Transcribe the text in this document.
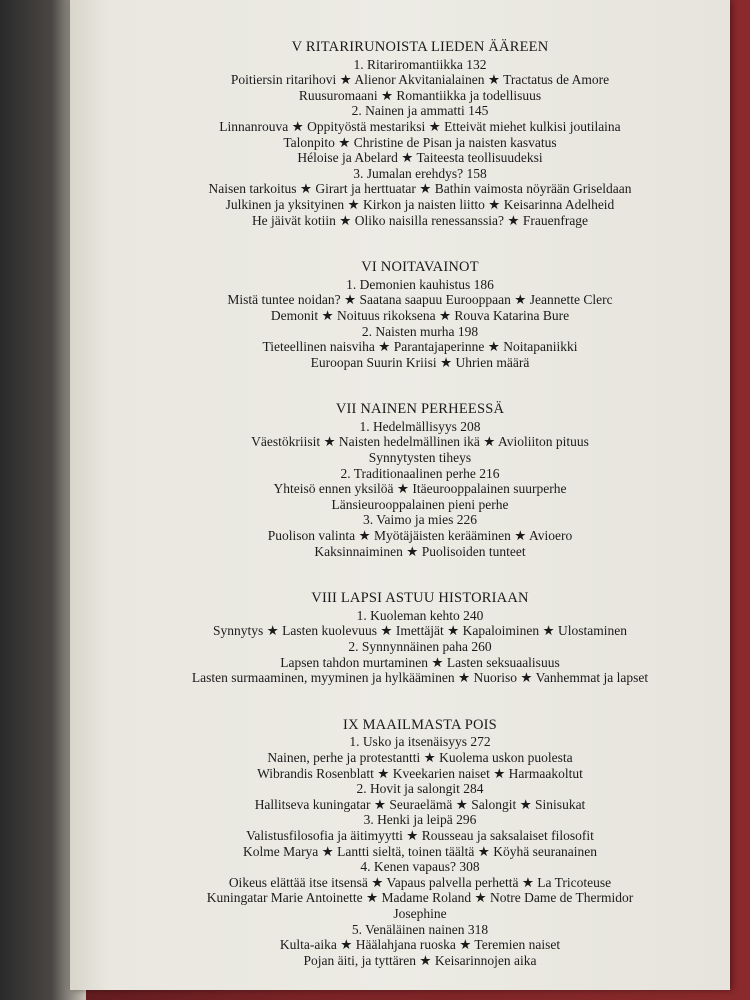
V RITARIRUNOISTA LIEDEN ÄÄREEN
1. Ritariromantiikka 132
Poitiersin ritarihovi ★ Alienor Akvitanialainen ★ Tractatus de Amore
Ruusuromaani ★ Romantiikka ja todellisuus
2. Nainen ja ammatti 145
Linnanrouva ★ Oppityöstä mestariksi ★ Etteivät miehet kulkisi joutilaina
Talonpito ★ Christine de Pisan ja naisten kasvatus
Héloise ja Abelard ★ Taiteesta teollisuudeksi
3. Jumalan erehdys? 158
Naisen tarkoitus ★ Girart ja herttuatar ★ Bathin vaimosta nöyrään Griseldaan
Julkinen ja yksityinen ★ Kirkon ja naisten liitto ★ Keisarinna Adelheid
He jäivät kotiin ★ Oliko naisilla renessanssia? ★ Frauenfrage
VI NOITAVAINOT
1. Demonien kauhistus 186
Mistä tuntee noidan? ★ Saatana saapuu Eurooppaan ★ Jeannette Clerc
Demonit ★ Noituus rikoksena ★ Rouva Katarina Bure
2. Naisten murha 198
Tieteellinen naisviha ★ Parantajaperinne ★ Noitapaniikki
Euroopan Suurin Kriisi ★ Uhrien määrä
VII NAINEN PERHEESSÄ
1. Hedelmällisyys 208
Väestökriisit ★ Naisten hedelmällinen ikä ★ Avioliiton pituus
Synnytysten tiheys
2. Traditionaalinen perhe 216
Yhteisö ennen yksilöä ★ Itäeurooppalainen suurperhe
Länsieurooppalainen pieni perhe
3. Vaimo ja mies 226
Puolison valinta ★ Myötäjäisten kerääminen ★ Avioero
Kaksinnaiminen ★ Puolisoiden tunteet
VIII LAPSI ASTUU HISTORIAAN
1. Kuoleman kehto 240
Synnytys ★ Lasten kuolevuus ★ Imettäjät ★ Kapaloiminen ★ Ulostaminen
2. Synnynnäinen paha 260
Lapsen tahdon murtaminen ★ Lasten seksuaalisuus
Lasten surmaaminen, myyminen ja hylkääminen ★ Nuoriso ★ Vanhemmat ja lapset
IX MAAILMASTA POIS
1. Usko ja itsenäisyys 272
Nainen, perhe ja protestantti ★ Kuolema uskon puolesta
Wibrandis Rosenblatt ★ Kveekarien naiset ★ Harmaakoltut
2. Hovit ja salongit 284
Hallitseva kuningatar ★ Seuraelämä ★ Salongit ★ Sinisukat
3. Henki ja leipä 296
Valistusfilosofia ja äitimyytti ★ Rousseau ja saksalaiset filosofit
Kolme Marya ★ Lantti sieltä, toinen täältä ★ Köyhä seuranainen
4. Kenen vapaus? 308
Oikeus elättää itse itsensä ★ Vapaus palvella perhettä ★ La Tricoteuse
Kuningatar Marie Antoinette ★ Madame Roland ★ Notre Dame de Thermidor
Josephine
5. Venäläinen nainen 318
Kulta-aika ★ Häälahjana ruoska ★ Teremien naiset
Pojan äiti, ja tyttären ★ Keisarinnojen aika
